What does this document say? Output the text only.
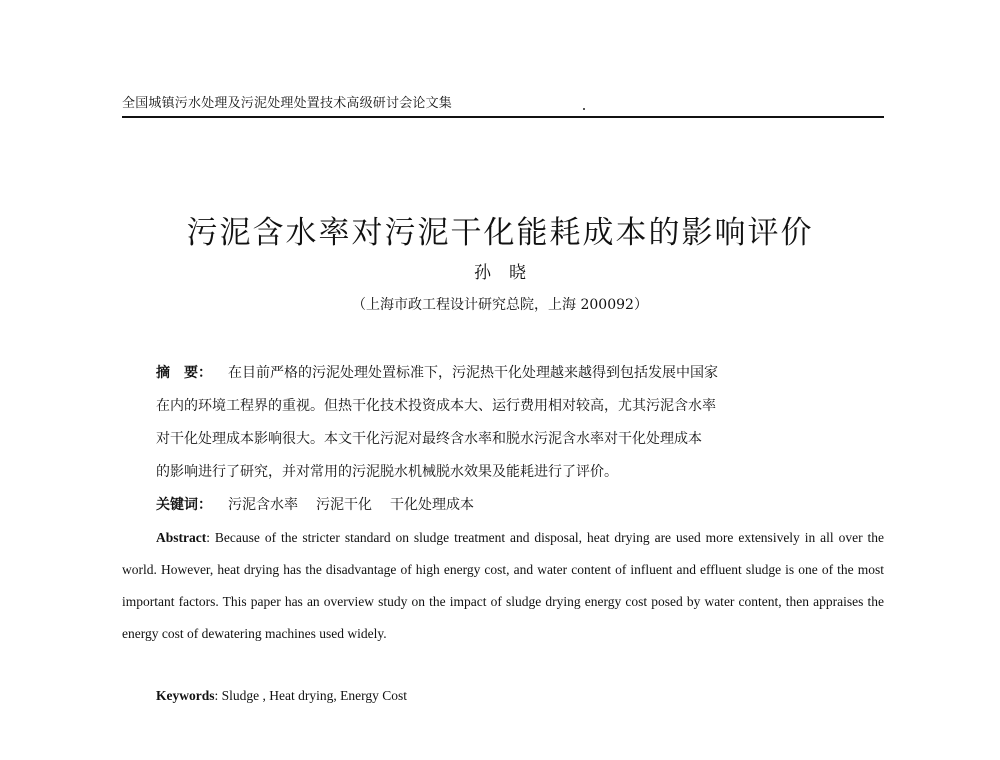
全国城镇污水处理及污泥处理处置技术高级研讨会论文集
污泥含水率对污泥干化能耗成本的影响评价
孙晓
（上海市政工程设计研究总院，上海 200092）
摘　要： 在目前严格的污泥处理处置标准下，污泥热干化处理越来越得到包括发展中国家
在内的环境工程界的重视。但热干化技术投资成本大、运行费用相对较高，尤其污泥含水率
对干化处理成本影响很大。本文干化污泥对最终含水率和脱水污泥含水率对干化处理成本
的影响进行了研究，并对常用的污泥脱水机械脱水效果及能耗进行了评价。
关键词： 污泥含水率 污泥干化 干化处理成本
Abstract: Because of the stricter standard on sludge treatment and disposal, heat drying are used more extensively in all over the world. However, heat drying has the disadvantage of high energy cost, and water content of influent and effluent sludge is one of the most important factors. This paper has an overview study on the impact of sludge drying energy cost posed by water content, then appraises the energy cost of dewatering machines used widely.
Keywords: Sludge , Heat drying, Energy Cost
